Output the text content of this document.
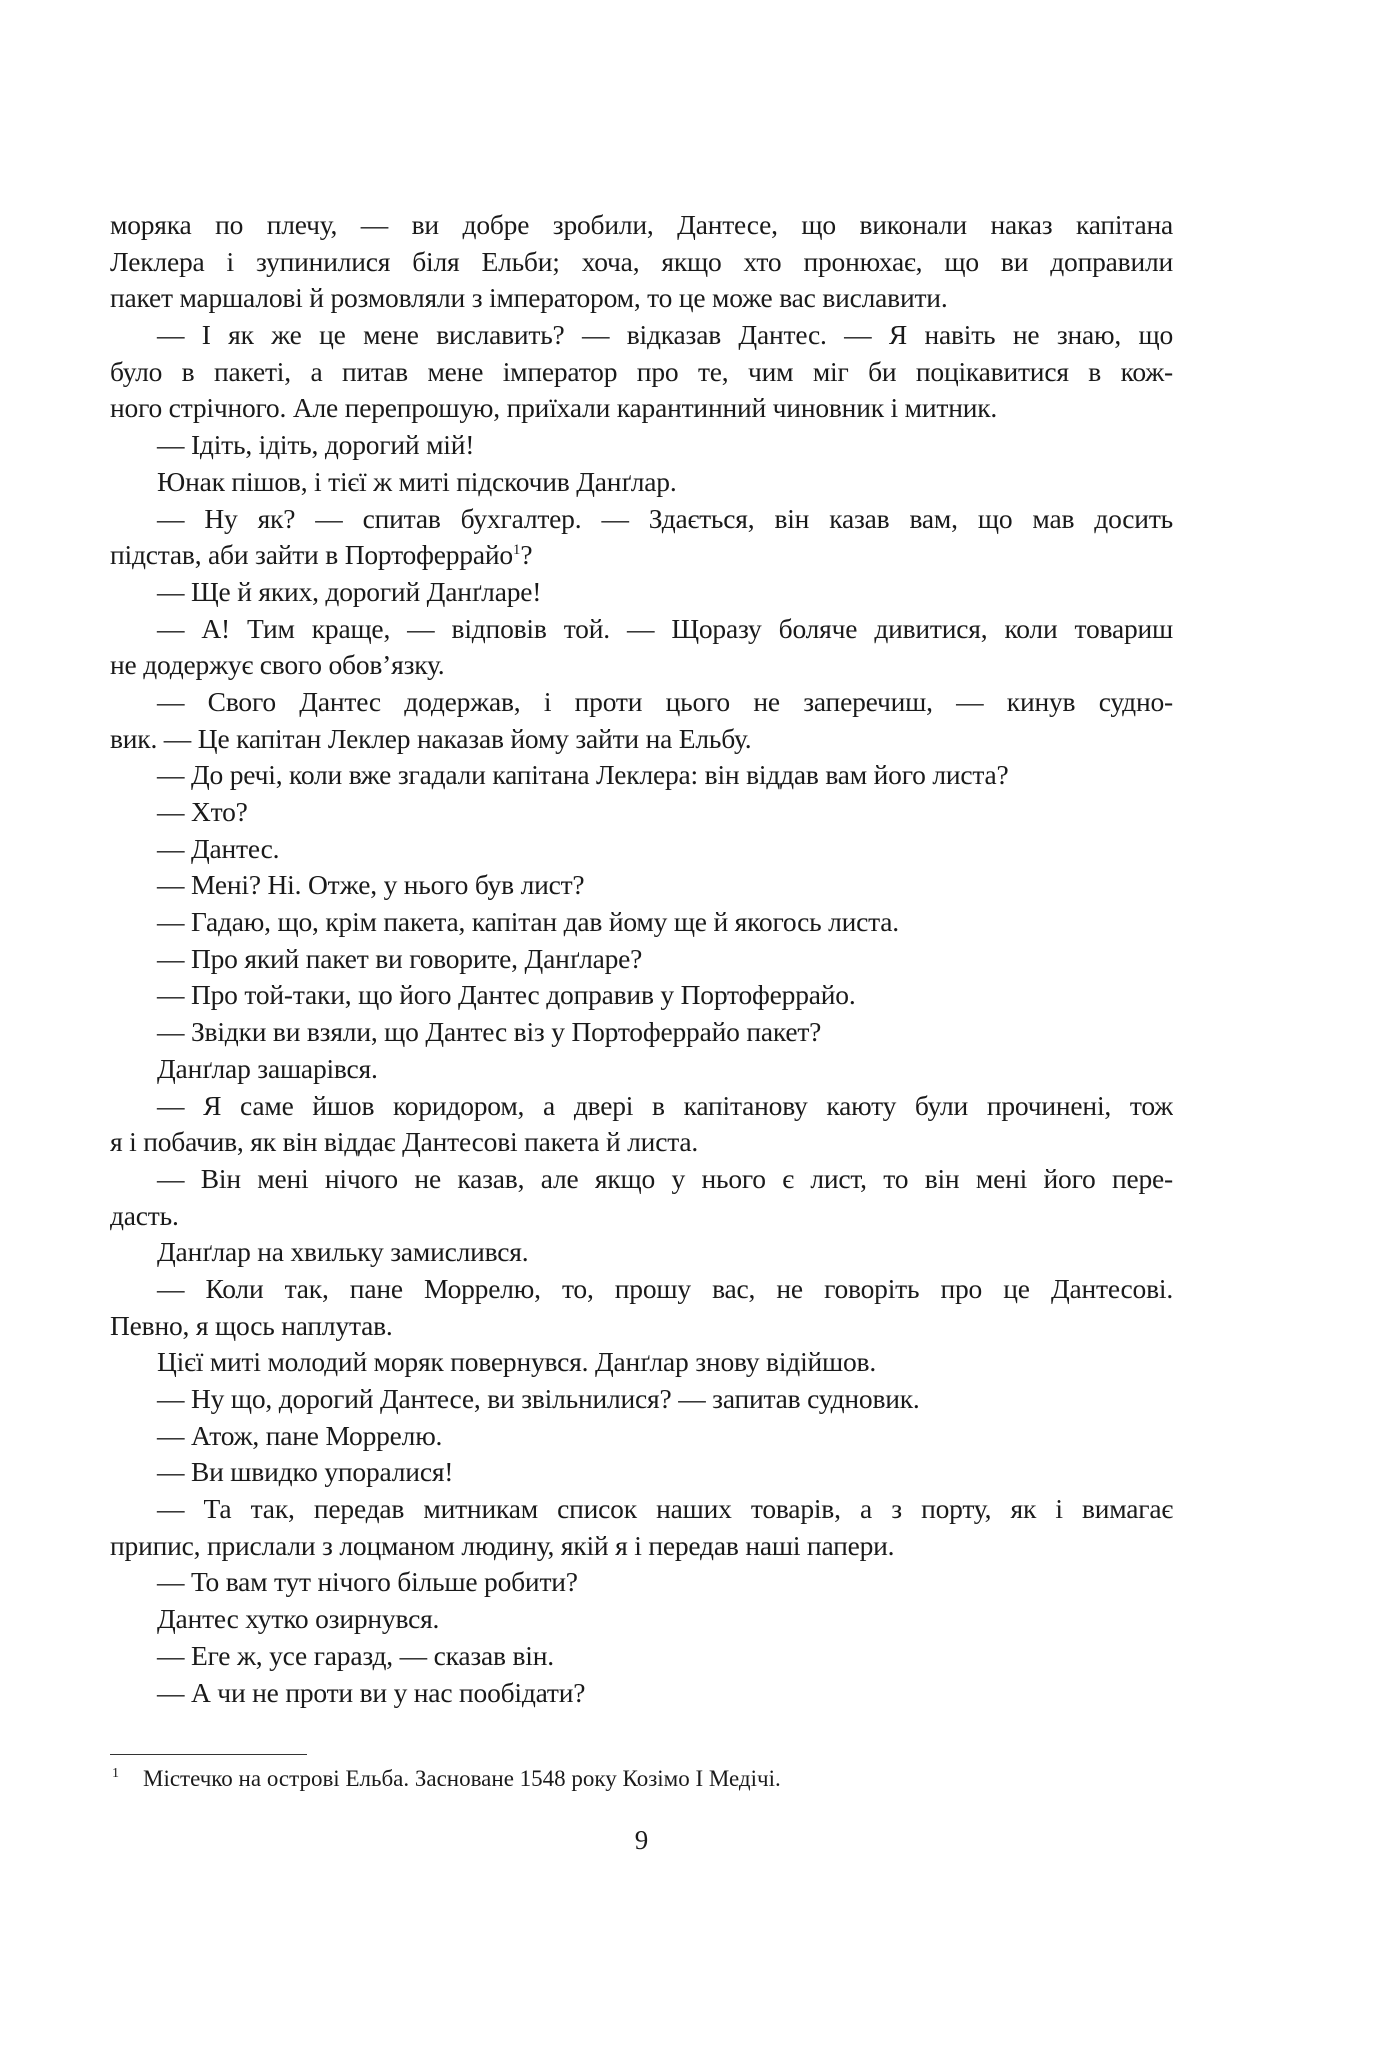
моряка по плечу, — ви добре зробили, Дантесе, що виконали наказ капітана
Леклера і зупинилися біля Ельби; хоча, якщо хто пронюхає, що ви доправили
пакет маршалові й розмовляли з імператором, то це може вас виславити.
— І як же це мене виславить? — відказав Дантес. — Я навіть не знаю, що
було в пакеті, а питав мене імператор про те, чим міг би поцікавитися в кож-
ного стрічного. Але перепрошую, приїхали карантинний чиновник і митник.
— Ідіть, ідіть, дорогий мій!
Юнак пішов, і тієї ж миті підскочив Данґлар.
— Ну як? — спитав бухгалтер. — Здається, він казав вам, що мав досить
підстав, аби зайти в Портоферрайо$^1$?
— Ще й яких, дорогий Данґларе!
— А! Тим краще, — відповів той. — Щоразу боляче дивитися, коли товариш
не додержує свого обов’язку.
— Свого Дантес додержав, і проти цього не заперечиш, — кинув судно-
вик. — Це капітан Леклер наказав йому зайти на Ельбу.
— До речі, коли вже згадали капітана Леклера: він віддав вам його листа?
— Хто?
— Дантес.
— Мені? Ні. Отже, у нього був лист?
— Гадаю, що, крім пакета, капітан дав йому ще й якогось листа.
— Про який пакет ви говорите, Данґларе?
— Про той-таки, що його Дантес доправив у Портоферрайо.
— Звідки ви взяли, що Дантес віз у Портоферрайо пакет?
Данґлар зашарівся.
— Я саме йшов коридором, а двері в капітанову каюту були прочинені, тож
я і побачив, як він віддає Дантесові пакета й листа.
— Він мені нічого не казав, але якщо у нього є лист, то він мені його пере-
дасть.
Данґлар на хвильку замислився.
— Коли так, пане Моррелю, то, прошу вас, не говоріть про це Дантесові.
Певно, я щось наплутав.
Цієї миті молодий моряк повернувся. Данґлар знову відійшов.
— Ну що, дорогий Дантесе, ви звільнилися? — запитав судновик.
— Атож, пане Моррелю.
— Ви швидко упоралися!
— Та так, передав митникам список наших товарів, а з порту, як і вимагає
припис, прислали з лоцманом людину, якій я і передав наші папери.
— То вам тут нічого більше робити?
Дантес хутко озирнувся.
— Еге ж, усе гаразд, — сказав він.
— А чи не проти ви у нас пообідати?
1 Містечко на острові Ельба. Засноване 1548 року Козімо I Медічі.
9
